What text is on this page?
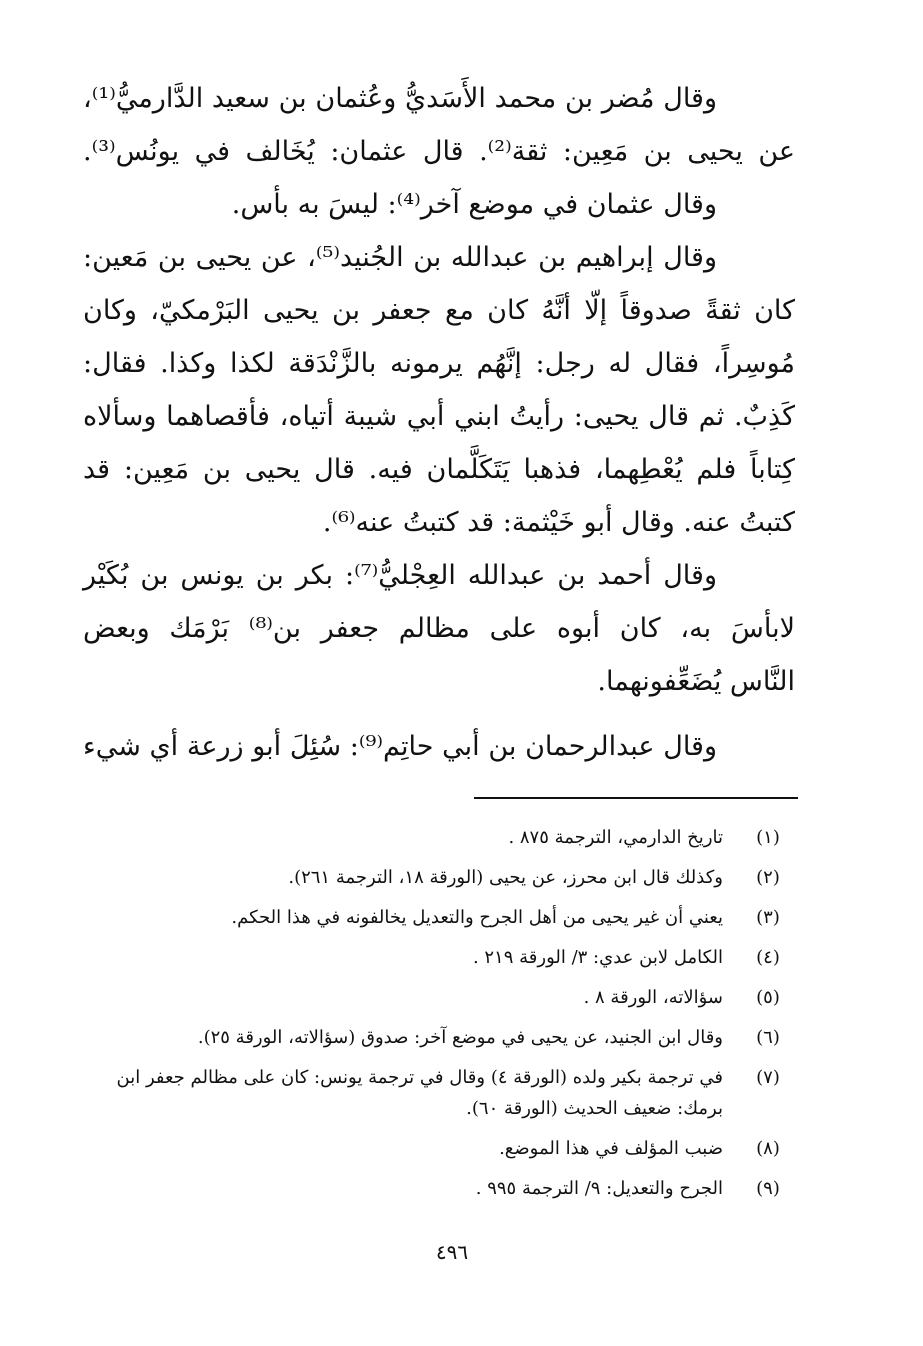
وقال مُضر بن محمد الأَسَديُّ وعُثمان بن سعيد الدَّارميُّ⁽¹⁾،
عن يحيى بن مَعِين: ثقة⁽²⁾. قال عثمان: يُخَالف في يونُس⁽³⁾.
وقال عثمان في موضع آخر⁽⁴⁾: ليسَ به بأس.
وقال إبراهيم بن عبدالله بن الجُنيد⁽⁵⁾، عن يحيى بن مَعين:
كان ثقةً صدوقاً إلّا أنَّهُ كان مع جعفر بن يحيى البَرْمكيّ، وكان
مُوسِراً، فقال له رجل: إنَّهُم يرمونه بالزَّنْدَقة لكذا وكذا. فقال:
كَذِبٌ. ثم قال يحيى: رأيتُ ابني أبي شيبة أتياه، فأقصاهما وسألاه
كِتاباً فلم يُعْطِهما، فذهبا يَتَكَلَّمان فيه. قال يحيى بن مَعِين: قد
كتبتُ عنه. وقال أبو خَيْثمة: قد كتبتُ عنه⁽⁶⁾.
وقال أحمد بن عبدالله العِجْليُّ⁽⁷⁾: بكر بن يونس بن بُكَيْر
لابأسَ به، كان أبوه على مظالم جعفر بن⁽⁸⁾ بَرْمَك وبعض
النَّاس يُضَعِّفونهما.
وقال عبدالرحمان بن أبي حاتِم⁽⁹⁾: سُئِلَ أبو زرعة أي شيء
(١)
تاريخ الدارمي، الترجمة ٨٧٥ .
(٢)
وكذلك قال ابن محرز، عن يحيى (الورقة ١٨، الترجمة ٢٦١).
(٣)
يعني أن غير يحيى من أهل الجرح والتعديل يخالفونه في هذا الحكم.
(٤)
الكامل لابن عدي: ٣/ الورقة ٢١٩ .
(٥)
سؤالاته، الورقة ٨ .
(٦)
وقال ابن الجنيد، عن يحيى في موضع آخر: صدوق (سؤالاته، الورقة ٢٥).
(٧)
في ترجمة بكير ولده (الورقة ٤) وقال في ترجمة يونس: كان على مظالم جعفر ابن برمك: ضعيف الحديث (الورقة ٦٠).
(٨)
ضبب المؤلف في هذا الموضع.
(٩)
الجرح والتعديل: ٩/ الترجمة ٩٩٥ .
٤٩٦
